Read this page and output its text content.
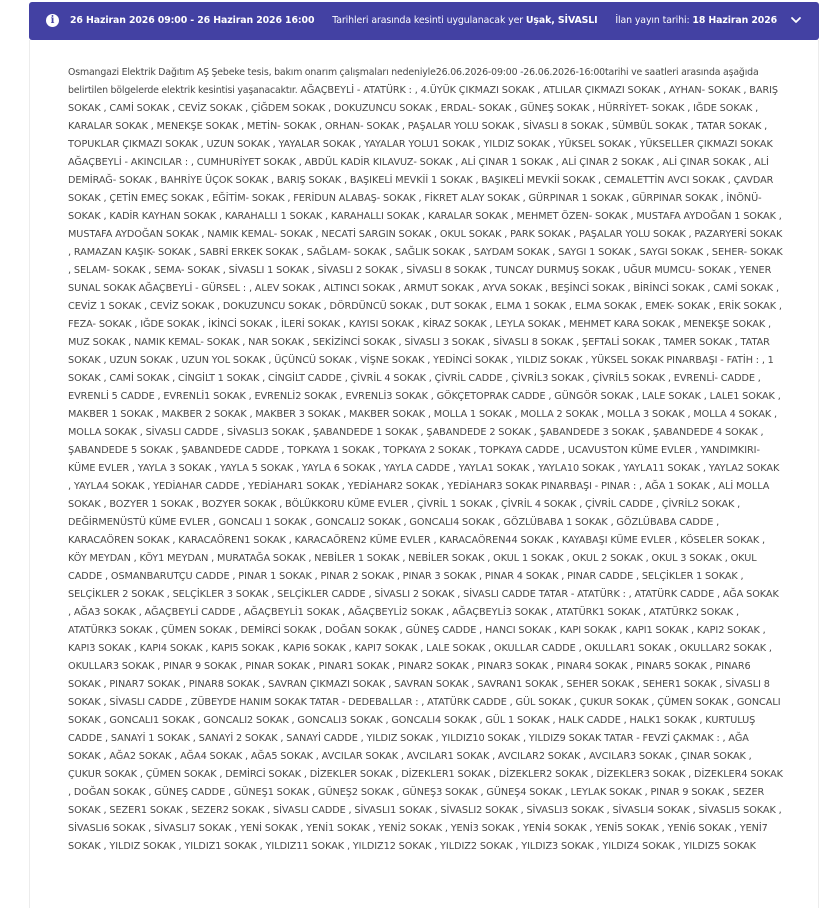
i	26 Haziran 2026 09:00 - 26 Haziran 2026 16:00 Tarihleri arasında kesinti uygulanacak yer Uşak, SİVASLI İlan yayın tarihi: 18 Haziran 2026
Osmangazi Elektrik Dağıtım AŞ Şebeke tesis, bakım onarım çalışmaları nedeniyle26.06.2026-09:00 -26.06.2026-16:00tarihi ve saatleri arasında aşağıda belirtilen bölgelerde elektrik kesintisi yaşanacaktır. AĞAÇBEYLİ - ATATÜRK : , 4.ÜYÜK ÇIKMAZI SOKAK , ATLILAR ÇIKMAZI SOKAK , AYHAN- SOKAK , BARIŞ SOKAK , CAMİ SOKAK , CEVİZ SOKAK , ÇİĞDEM SOKAK , DOKUZUNCU SOKAK , ERDAL- SOKAK , GÜNEŞ SOKAK , HÜRRİYET- SOKAK , IĞDE SOKAK , KARALAR SOKAK , MENEKŞE SOKAK , METİN- SOKAK , ORHAN- SOKAK , PAŞALAR YOLU SOKAK , SİVASLI 8 SOKAK , SÜMBÜL SOKAK , TATAR SOKAK , TOPUKLAR ÇIKMAZI SOKAK , UZUN SOKAK , YAYALAR SOKAK , YAYALAR YOLU1 SOKAK , YILDIZ SOKAK , YÜKSEL SOKAK , YÜKSELLER ÇIKMAZI SOKAK AĞAÇBEYLİ - AKINCILAR : , CUMHURİYET SOKAK , ABDÜL KADİR KILAVUZ- SOKAK , ALİ ÇINAR 1 SOKAK , ALİ ÇINAR 2 SOKAK , ALİ ÇINAR SOKAK , ALİ DEMİRAĞ- SOKAK , BAHRİYE ÜÇOK SOKAK , BARIŞ SOKAK , BAŞIKELİ MEVKİİ 1 SOKAK , BAŞIKELİ MEVKİİ SOKAK , CEMALETTİN AVCI SOKAK , ÇAVDAR SOKAK , ÇETİN EMEÇ SOKAK , EĞİTİM- SOKAK , FERİDUN ALABAŞ- SOKAK , FİKRET ALAY SOKAK , GÜRPINAR 1 SOKAK , GÜRPINAR SOKAK , İNÖNÜ- SOKAK , KADİR KAYHAN SOKAK , KARAHALLI 1 SOKAK , KARAHALLI SOKAK , KARALAR SOKAK , MEHMET ÖZEN- SOKAK , MUSTAFA AYDOĞAN 1 SOKAK , MUSTAFA AYDOĞAN SOKAK , NAMIK KEMAL- SOKAK , NECATİ SARGIN SOKAK , OKUL SOKAK , PARK SOKAK , PAŞALAR YOLU SOKAK , PAZARYERİ SOKAK , RAMAZAN KAŞIK- SOKAK , SABRİ ERKEK SOKAK , SAĞLAM- SOKAK , SAĞLIK SOKAK , SAYDAM SOKAK , SAYGI 1 SOKAK , SAYGI SOKAK , SEHER- SOKAK , SELAM- SOKAK , SEMA- SOKAK , SİVASLI 1 SOKAK , SİVASLI 2 SOKAK , SİVASLI 8 SOKAK , TUNCAY DURMUŞ SOKAK , UĞUR MUMCU- SOKAK , YENER SUNAL SOKAK AĞAÇBEYLİ - GÜRSEL : , ALEV SOKAK , ALTINCI SOKAK , ARMUT SOKAK , AYVA SOKAK , BEŞİNCİ SOKAK , BİRİNCİ SOKAK , CAMİ SOKAK , CEVİZ 1 SOKAK , CEVİZ SOKAK , DOKUZUNCU SOKAK , DÖRDÜNCÜ SOKAK , DUT SOKAK , ELMA 1 SOKAK , ELMA SOKAK , EMEK- SOKAK , ERİK SOKAK , FEZA- SOKAK , IĞDE SOKAK , İKİNCİ SOKAK , İLERİ SOKAK , KAYISI SOKAK , KİRAZ SOKAK , LEYLA SOKAK , MEHMET KARA SOKAK , MENEKŞE SOKAK , MUZ SOKAK , NAMIK KEMAL- SOKAK , NAR SOKAK , SEKİZİNCİ SOKAK , SİVASLI 3 SOKAK , SİVASLI 8 SOKAK , ŞEFTALİ SOKAK , TAMER SOKAK , TATAR SOKAK , UZUN SOKAK , UZUN YOL SOKAK , ÜÇÜNCÜ SOKAK , VİŞNE SOKAK , YEDİNCİ SOKAK , YILDIZ SOKAK , YÜKSEL SOKAK PINARBAŞI - FATİH : , 1 SOKAK , CAMİ SOKAK , CİNGİLT 1 SOKAK , CİNGİLT CADDE , ÇİVRİL 4 SOKAK , ÇİVRİL CADDE , ÇİVRİL3 SOKAK , ÇİVRİL5 SOKAK , EVRENLİ- CADDE , EVRENLİ 5 CADDE , EVRENLİ1 SOKAK , EVRENLİ2 SOKAK , EVRENLİ3 SOKAK , GÖKÇETOPRAK CADDE , GÜNGÖR SOKAK , LALE SOKAK , LALE1 SOKAK , MAKBER 1 SOKAK , MAKBER 2 SOKAK , MAKBER 3 SOKAK , MAKBER SOKAK , MOLLA 1 SOKAK , MOLLA 2 SOKAK , MOLLA 3 SOKAK , MOLLA 4 SOKAK , MOLLA SOKAK , SİVASLI CADDE , SİVASLI3 SOKAK , ŞABANDEDE 1 SOKAK , ŞABANDEDE 2 SOKAK , ŞABANDEDE 3 SOKAK , ŞABANDEDE 4 SOKAK , ŞABANDEDE 5 SOKAK , ŞABANDEDE CADDE , TOPKAYA 1 SOKAK , TOPKAYA 2 SOKAK , TOPKAYA CADDE , UCAVUSTON KÜME EVLER , YANDIMKIRI- KÜME EVLER , YAYLA 3 SOKAK , YAYLA 5 SOKAK , YAYLA 6 SOKAK , YAYLA CADDE , YAYLA1 SOKAK , YAYLA10 SOKAK , YAYLA11 SOKAK , YAYLA2 SOKAK , YAYLA4 SOKAK , YEDİAHAR CADDE , YEDİAHAR1 SOKAK , YEDİAHAR2 SOKAK , YEDİAHAR3 SOKAK PINARBAŞI - PINAR : , AĞA 1 SOKAK , ALİ MOLLA SOKAK , BOZYER 1 SOKAK , BOZYER SOKAK , BÖLÜKKORU KÜME EVLER , ÇİVRİL 1 SOKAK , ÇİVRİL 4 SOKAK , ÇİVRİL CADDE , ÇİVRİL2 SOKAK , DEĞİRMENÜSTÜ KÜME EVLER , GONCALI 1 SOKAK , GONCALI2 SOKAK , GONCALI4 SOKAK , GÖZLÜBABA 1 SOKAK , GÖZLÜBABA CADDE , KARACAÖREN SOKAK , KARACAÖREN1 SOKAK , KARACAÖREN2 KÜME EVLER , KARACAÖREN44 SOKAK , KAYABAŞI KÜME EVLER , KÖSELER SOKAK , KÖY MEYDAN , KÖY1 MEYDAN , MURATAĞA SOKAK , NEBİLER 1 SOKAK , NEBİLER SOKAK , OKUL 1 SOKAK , OKUL 2 SOKAK , OKUL 3 SOKAK , OKUL CADDE , OSMANBARUTÇU CADDE , PINAR 1 SOKAK , PINAR 2 SOKAK , PINAR 3 SOKAK , PINAR 4 SOKAK , PINAR CADDE , SELÇİKLER 1 SOKAK , SELÇİKLER 2 SOKAK , SELÇİKLER 3 SOKAK , SELÇİKLER CADDE , SİVASLI 2 SOKAK , SİVASLI CADDE TATAR - ATATÜRK : , ATATÜRK CADDE , AĞA SOKAK , AĞA3 SOKAK , AĞAÇBEYLİ CADDE , AĞAÇBEYLİ1 SOKAK , AĞAÇBEYLİ2 SOKAK , AĞAÇBEYLİ3 SOKAK , ATATÜRK1 SOKAK , ATATÜRK2 SOKAK , ATATÜRK3 SOKAK , ÇÜMEN SOKAK , DEMİRCİ SOKAK , DOĞAN SOKAK , GÜNEŞ CADDE , HANCI SOKAK , KAPI SOKAK , KAPI1 SOKAK , KAPI2 SOKAK , KAPI3 SOKAK , KAPI4 SOKAK , KAPI5 SOKAK , KAPI6 SOKAK , KAPI7 SOKAK , LALE SOKAK , OKULLAR CADDE , OKULLAR1 SOKAK , OKULLAR2 SOKAK , OKULLAR3 SOKAK , PINAR 9 SOKAK , PINAR SOKAK , PINAR1 SOKAK , PINAR2 SOKAK , PINAR3 SOKAK , PINAR4 SOKAK , PINAR5 SOKAK , PINAR6 SOKAK , PINAR7 SOKAK , PINAR8 SOKAK , SAVRAN ÇIKMAZI SOKAK , SAVRAN SOKAK , SAVRAN1 SOKAK , SEHER SOKAK , SEHER1 SOKAK , SİVASLI 8 SOKAK , SİVASLI CADDE , ZÜBEYDE HANIM SOKAK TATAR - DEDEBALLAR : , ATATÜRK CADDE , GÜL SOKAK , ÇUKUR SOKAK , ÇÜMEN SOKAK , GONCALI SOKAK , GONCALI1 SOKAK , GONCALI2 SOKAK , GONCALI3 SOKAK , GONCALI4 SOKAK , GÜL 1 SOKAK , HALK CADDE , HALK1 SOKAK , KURTULUŞ CADDE , SANAYİ 1 SOKAK , SANAYİ 2 SOKAK , SANAYİ CADDE , YILDIZ SOKAK , YILDIZ10 SOKAK , YILDIZ9 SOKAK TATAR - FEVZİ ÇAKMAK : , AĞA SOKAK , AĞA2 SOKAK , AĞA4 SOKAK , AĞA5 SOKAK , AVCILAR SOKAK , AVCILAR1 SOKAK , AVCILAR2 SOKAK , AVCILAR3 SOKAK , ÇINAR SOKAK , ÇUKUR SOKAK , ÇÜMEN SOKAK , DEMİRCİ SOKAK , DİZEKLER SOKAK , DİZEKLER1 SOKAK , DİZEKLER2 SOKAK , DİZEKLER3 SOKAK , DİZEKLER4 SOKAK , DOĞAN SOKAK , GÜNEŞ CADDE , GÜNEŞ1 SOKAK , GÜNEŞ2 SOKAK , GÜNEŞ3 SOKAK , GÜNEŞ4 SOKAK , LEYLAK SOKAK , PINAR 9 SOKAK , SEZER SOKAK , SEZER1 SOKAK , SEZER2 SOKAK , SİVASLI CADDE , SİVASLI1 SOKAK , SİVASLI2 SOKAK , SİVASLI3 SOKAK , SİVASLI4 SOKAK , SİVASLI5 SOKAK , SİVASLI6 SOKAK , SİVASLI7 SOKAK , YENİ SOKAK , YENİ1 SOKAK , YENİ2 SOKAK , YENİ3 SOKAK , YENİ4 SOKAK , YENİ5 SOKAK , YENİ6 SOKAK , YENİ7 SOKAK , YILDIZ SOKAK , YILDIZ1 SOKAK , YILDIZ11 SOKAK , YILDIZ12 SOKAK , YILDIZ2 SOKAK , YILDIZ3 SOKAK , YILDIZ4 SOKAK , YILDIZ5 SOKAK
